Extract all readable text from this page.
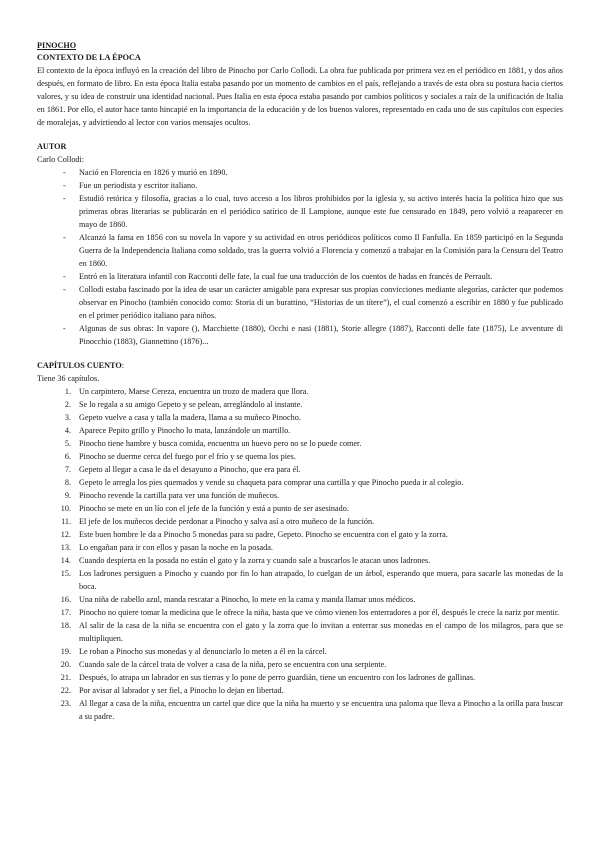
PINOCHO
CONTEXTO DE LA ÉPOCA

El contexto de la época influyó en la creación del libro de Pinocho por Carlo Collodi. La obra fue publicada por primera vez en el periódico en 1881, y dos años después, en formato de libro. En esta época Italia estaba pasando por un momento de cambios en el país, reflejando a través de esta obra su postura hacia ciertos valores, y su idea de construir una identidad nacional. Pues Italia en esta época estaba pasando por cambios políticos y sociales a raíz de la unificación de Italia en 1861. Por ello, el autor hace tanto hincapié en la importancia de la educación y de los buenos valores, representado en cada uno de sus capítulos con especies de moralejas, y advirtiendo al lector con varios mensajes ocultos.

AUTOR
Carlo Collodi:
- Nació en Florencia en 1826 y murió en 1890.
- Fue un periodista y escritor italiano.
- Estudió retórica y filosofía, gracias a lo cual, tuvo acceso a los libros prohibidos por la iglesia y, su activo interés hacia la política hizo que sus primeras obras literarias se publicarán en el periódico satírico de Il Lampione, aunque este fue censurado en 1849, pero volvió a reaparecer en mayo de 1860.
- Alcanzó la fama en 1856 con su novela In vapore y su actividad en otros periódicos políticos como Il Fanfulla. En 1859 participó en la Segunda Guerra de la Independencia Italiana como soldado, tras la guerra volvió a Florencia y comenzó a trabajar en la Comisión para la Censura del Teatro en 1860.
- Entró en la literatura infantil con Racconti delle fate, la cual fue una traducción de los cuentos de hadas en francés de Perrault.
- Collodi estaba fascinado por la idea de usar un carácter amigable para expresar sus propias convicciones mediante alegorías, carácter que podemos observar en Pinocho (también conocido como: Storia di un burattino, “Historias de un títere”), el cual comenzó a escribir en 1880 y fue publicado en el primer periódico italiano para niños.
- Algunas de sus obras: In vapore (), Macchiette (1880), Occhi e nasi (1881), Storie allegre (1887), Racconti delle fate (1875), Le avventure di Pinocchio (1883), Giannettino (1876)...
CAPÍTULOS CUENTO:
Tiene 36 capítulos.
Un carpintero, Maese Cereza, encuentra un trozo de madera que llora.
Se lo regala a su amigo Gepeto y se pelean, arreglándolo al instante.
Gepeto vuelve a casa y talla la madera, llama a su muñeco Pinocho.
Aparece Pepito grillo y Pinocho lo mata, lanzándole un martillo.
Pinocho tiene hambre y busca comida, encuentra un huevo pero no se lo puede comer.
Pinocho se duerme cerca del fuego por el frío y se quema los pies.
Gepeto al llegar a casa le da el desayuno a Pinocho, que era para él.
Gepeto le arregla los pies quemados y vende su chaqueta para comprar una cartilla y que Pinocho pueda ir al colegio.
Pinocho revende la cartilla para ver una función de muñecos.
Pinocho se mete en un lío con el jefe de la función y está a punto de ser asesinado.
El jefe de los muñecos decide perdonar a Pinocho y salva así a otro muñeco de la función.
Este buen hombre le da a Pinocho 5 monedas para su padre, Gepeto. Pinocho se encuentra con el gato y la zorra.
Lo engañan para ir con ellos y pasan la noche en la posada.
Cuando despierta en la posada no están el gato y la zorra y cuando sale a buscarlos le atacan unos ladrones.
Los ladrones persiguen a Pinocho y cuando por fin lo han atrapado, lo cuelgan de un árbol, esperando que muera, para sacarle las monedas de la boca.
Una niña de cabello azul, manda rescatar a Pinocho, lo mete en la cama y manda llamar unos médicos.
Pinocho no quiere tomar la medicina que le ofrece la niña, hasta que ve cómo vienen los enterradores a por él, después le crece la nariz por mentir.
Al salir de la casa de la niña se encuentra con el gato y la zorra que lo invitan a enterrar sus monedas en el campo de los milagros, para que se multipliquen.
Le roban a Pinocho sus monedas y al denunciarlo lo meten a él en la cárcel.
Cuando sale de la cárcel trata de volver a casa de la niña, pero se encuentra con una serpiente.
Después, lo atrapa un labrador en sus tierras y lo pone de perro guardián, tiene un encuentro con los ladrones de gallinas.
Por avisar al labrador y ser fiel, a Pinocho lo dejan en libertad.
Al llegar a casa de la niña, encuentra un cartel que dice que la niña ha muerto y se encuentra una paloma que lleva a Pinocho a la orilla para buscar a su padre.
